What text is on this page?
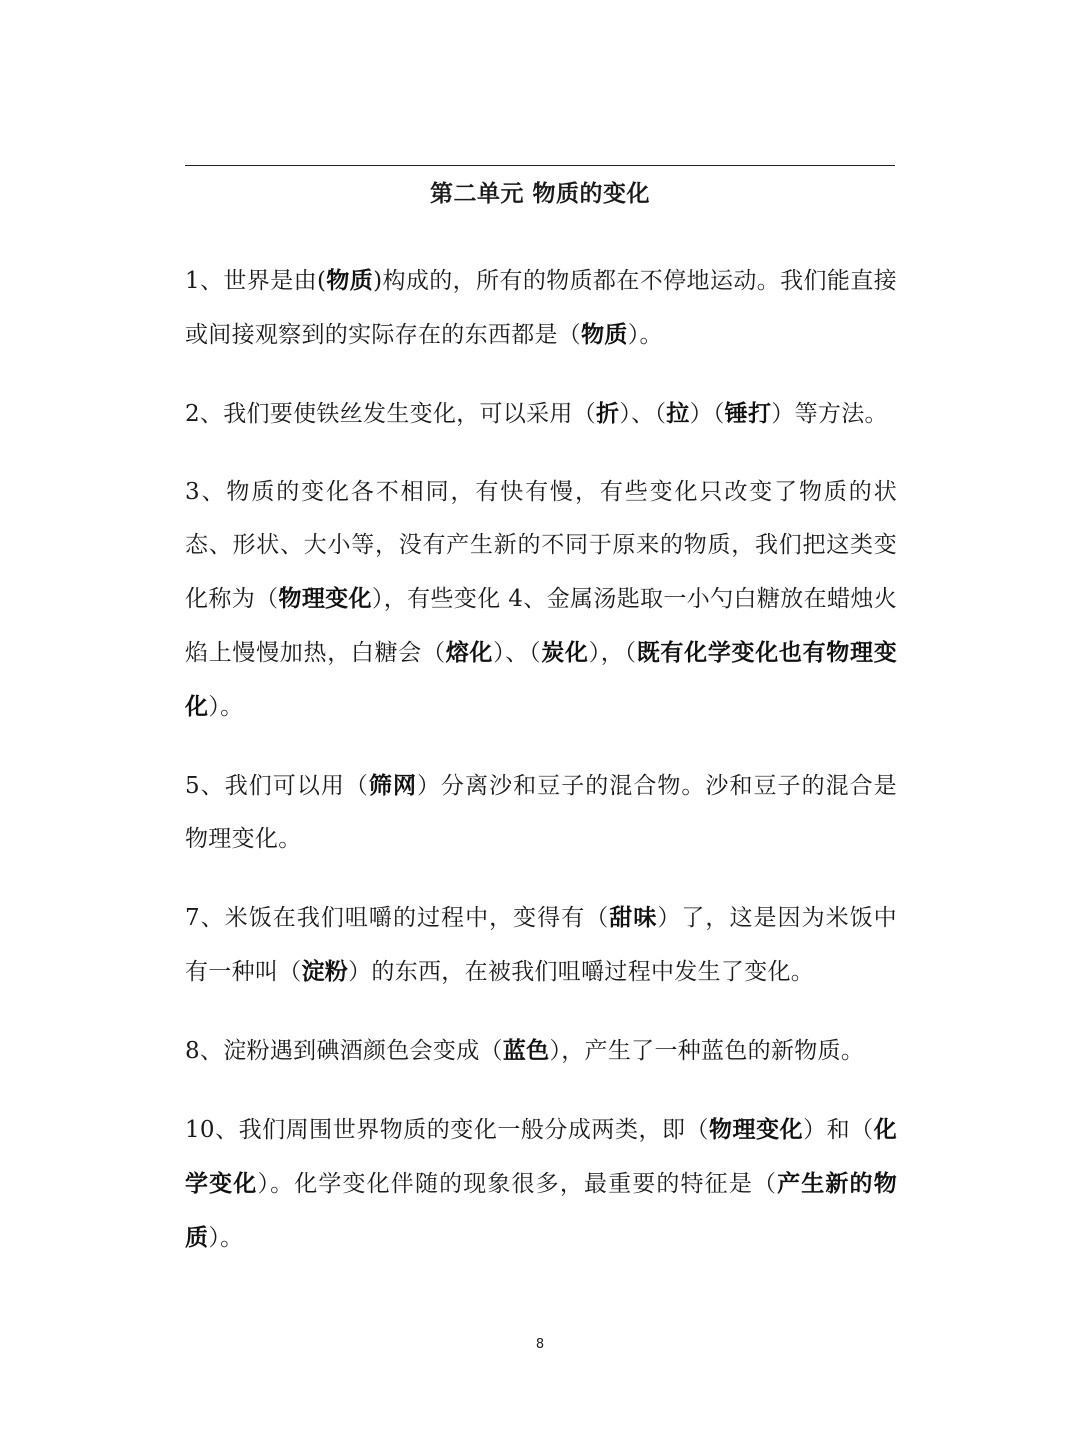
第二单元 物质的变化

1、世界是由(物质)构成的，所有的物质都在不停地运动。我们能直接或间接观察到的实际存在的东西都是（物质）。

2、我们要使铁丝发生变化，可以采用（折）、（拉）（锤打）等方法。

3、物质的变化各不相同，有快有慢，有些变化只改变了物质的状态、形状、大小等，没有产生新的不同于原来的物质，我们把这类变化称为（物理变化），有些变化 4、金属汤匙取一小勺白糖放在蜡烛火焰上慢慢加热，白糖会（熔化）、（炭化），（既有化学变化也有物理变化）。

5、我们可以用（筛网）分离沙和豆子的混合物。沙和豆子的混合是物理变化。

7、米饭在我们咀嚼的过程中，变得有（甜味）了，这是因为米饭中有一种叫（淀粉）的东西，在被我们咀嚼过程中发生了变化。

8、淀粉遇到碘酒颜色会变成（蓝色），产生了一种蓝色的新物质。

10、我们周围世界物质的变化一般分成两类，即（物理变化）和（化学变化）。化学变化伴随的现象很多，最重要的特征是（产生新的物质）。

8
